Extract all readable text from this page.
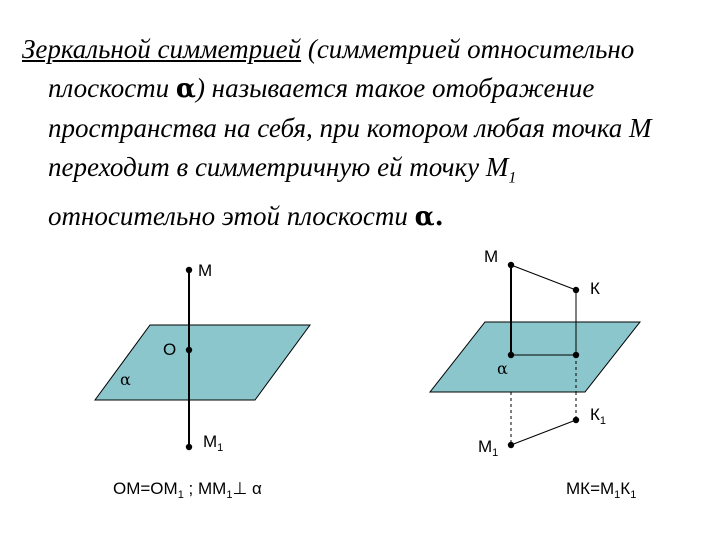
Зеркальной симметрией (симметрией относительно
плоскости α) называется такое отображение
пространства на себя, при котором любая точка М
переходит в симметричную ей точку $М_1$
относительно этой плоскости α.
М
О
α
$М_1$
$ОМ=ОМ_1$ ; $ММ_1\perp$ α
М
К
α
$К_1$
$М_1$
$МК=М_1К_1$
